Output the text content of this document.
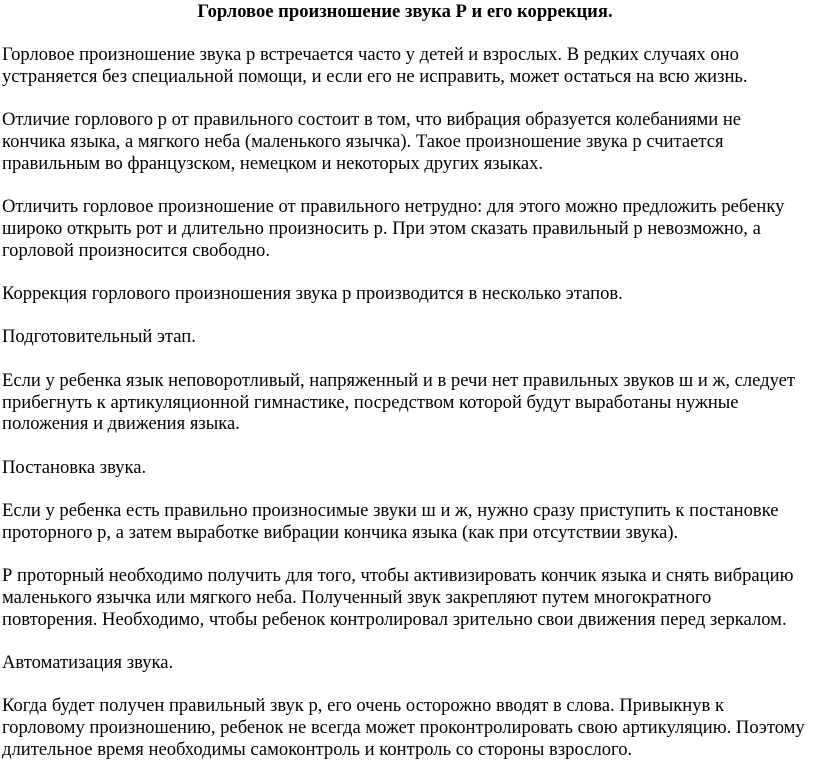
Горловое произношение звука Р и его коррекция.

Горловое произношение звука р встречается часто у детей и взрослых. В редких случаях оно устраняется без специальной помощи, и если его не исправить, может остаться на всю жизнь.

Отличие горлового р от правильного состоит в том, что вибрация образуется колебаниями не кончика языка, а мягкого неба (маленького язычка). Такое произношение звука р считается правильным во французском, немецком и некоторых других языках.

Отличить горловое произношение от правильного нетрудно: для этого можно предложить ребенку широко открыть рот и длительно произносить р. При этом сказать правильный р невозможно, а горловой произносится свободно.

Коррекция горлового произношения звука р производится в несколько этапов.

Подготовительный этап.

Если у ребенка язык неповоротливый, напряженный и в речи нет правильных звуков ш и ж, следует прибегнуть к артикуляционной гимнастике, посредством которой будут выработаны нужные положения и движения языка.

Постановка звука.

Если у ребенка есть правильно произносимые звуки ш и ж, нужно сразу приступить к постановке проторного р, а затем выработке вибрации кончика языка (как при отсутствии звука).

Р проторный необходимо получить для того, чтобы активизировать кончик языка и снять вибрацию маленького язычка или мягкого неба. Полученный звук закрепляют путем многократного повторения. Необходимо, чтобы ребенок контролировал зрительно свои движения перед зеркалом.

Автоматизация звука.

Когда будет получен правильный звук р, его очень осторожно вводят в слова. Привыкнув к горловому произношению, ребенок не всегда может проконтролировать свою артикуляцию. Поэтому длительное время необходимы самоконтроль и контроль со стороны взрослого.
